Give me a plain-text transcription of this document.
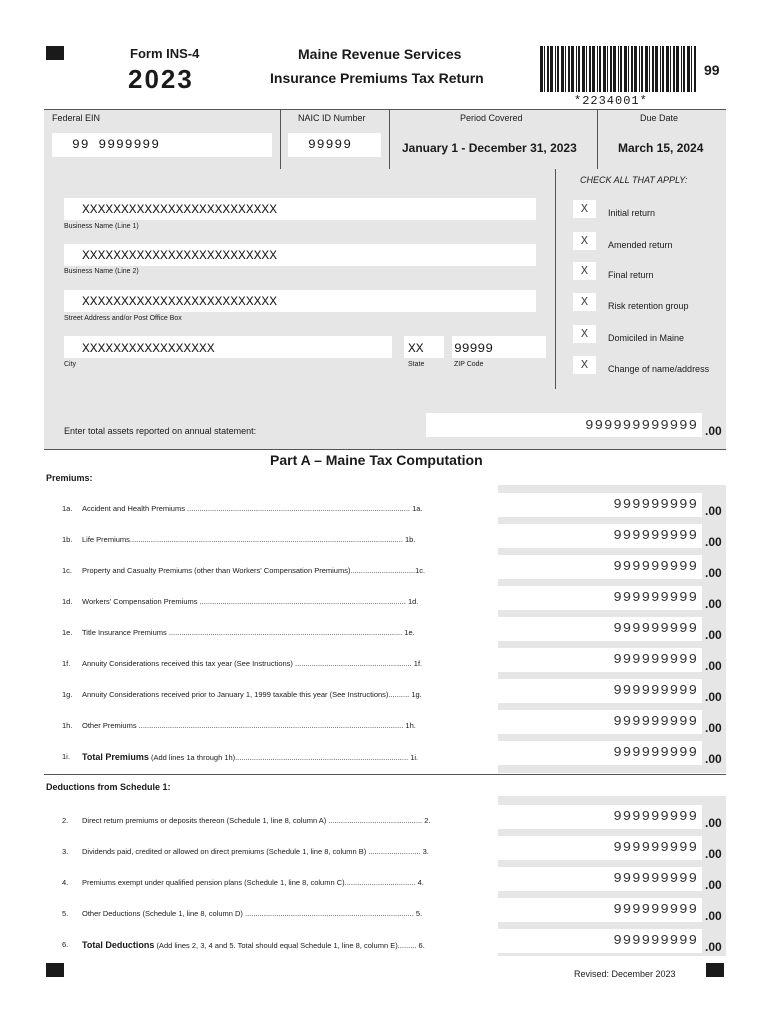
Form INS-4
2023
Maine Revenue Services
Insurance Premiums Tax Return
*2234001*
99
Federal EIN
99 9999999
NAIC ID Number
99999
Period Covered
January 1 - December 31, 2023
Due Date
March 15, 2024
XXXXXXXXXXXXXXXXXXXXXXXXX
Business Name (Line 1)
XXXXXXXXXXXXXXXXXXXXXXXXX
Business Name (Line 2)
XXXXXXXXXXXXXXXXXXXXXXXXX
Street Address and/or Post Office Box
XXXXXXXXXXXXXXXXX
City
XX
State
99999
ZIP Code
CHECK ALL THAT APPLY:
X	Initial return
X	Amended return
X	Final return
X	Risk retention group
X	Domiciled in Maine
X	Change of name/address
Enter total assets reported on annual statement:	999999999999 .00
Part A – Maine Tax Computation
Premiums:
1a. Accident and Health Premiums ........................................................................................................... 1a.	999999999 .00
1b. Life Premiums................................................................................................................................... 1b.	999999999 .00
1c. Property and Casualty Premiums (other than Workers' Compensation Premiums)...............................1c.	999999999 .00
1d. Workers' Compensation Premiums ................................................................................................... 1d.	999999999 .00
1e. Title Insurance Premiums ................................................................................................................ 1e.	999999999 .00
1f. Annuity Considerations received this tax year (See Instructions) ........................................................ 1f.	999999999 .00
1g. Annuity Considerations received prior to January 1, 1999 taxable this year (See Instructions).......... 1g.	999999999 .00
1h. Other Premiums ............................................................................................................................... 1h.	999999999 .00
1i. Total Premiums (Add lines 1a through 1h)................................................................................... 1i.	999999999 .00
Deductions from Schedule 1:
2. Direct return premiums or deposits thereon (Schedule 1, line 8, column A) ............................................. 2.	999999999 .00
3. Dividends paid, credited or allowed on direct premiums (Schedule 1, line 8, column B) ......................... 3.	999999999 .00
4. Premiums exempt under qualified pension plans (Schedule 1, line 8, column C).................................. 4.	999999999 .00
5. Other Deductions (Schedule 1, line 8, column D) ................................................................................. 5.	999999999 .00
6. Total Deductions (Add lines 2, 3, 4 and 5. Total should equal Schedule 1, line 8, column E)......... 6.	999999999 .00
Revised: December 2023
